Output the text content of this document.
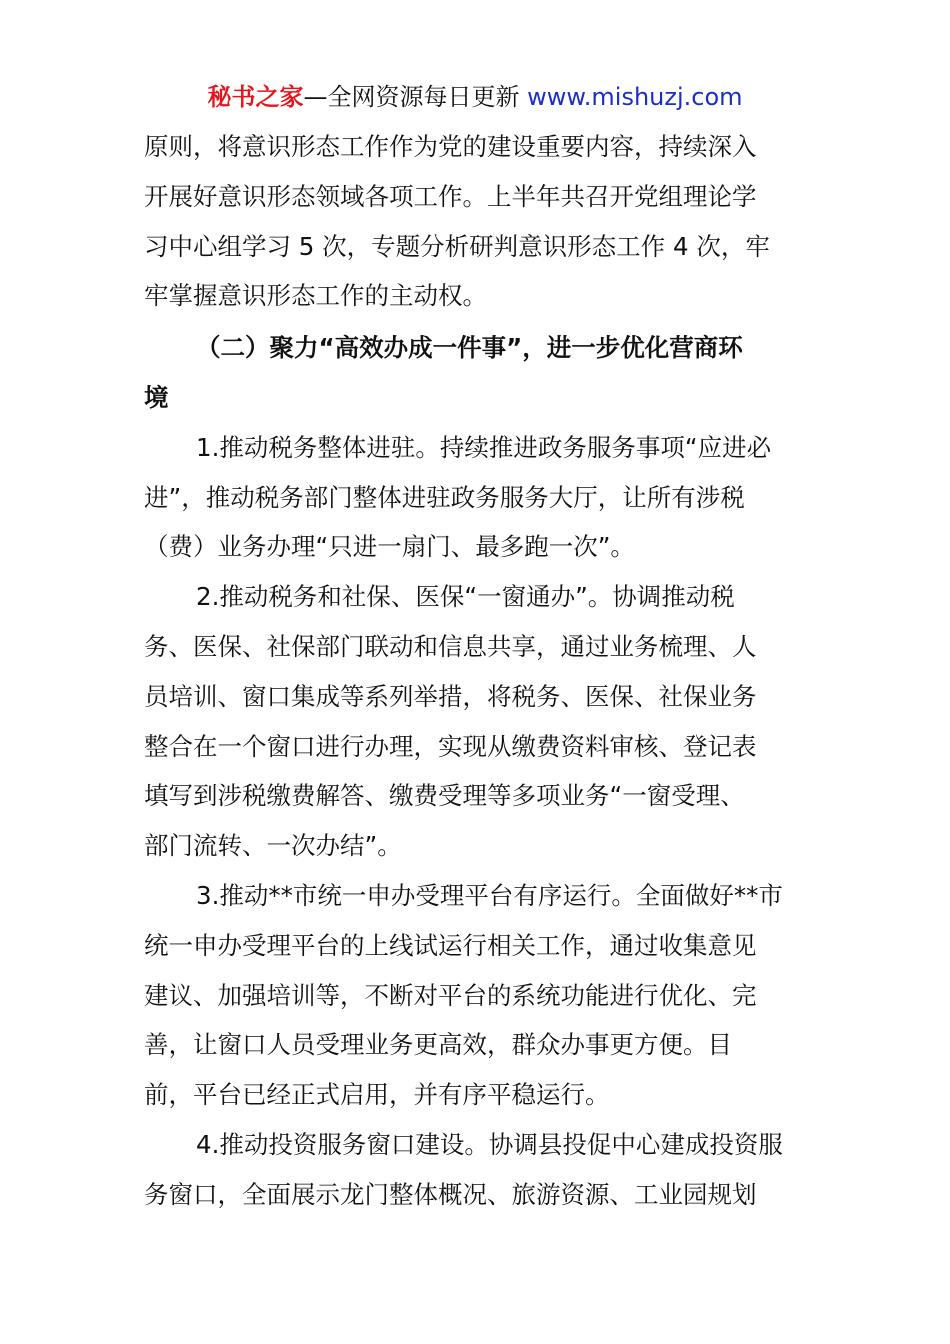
秘书之家—全网资源每日更新 www.mishuzj.com
原则，将意识形态工作作为党的建设重要内容，持续深入
开展好意识形态领域各项工作。上半年共召开党组理论学
习中心组学习 5 次，专题分析研判意识形态工作 4 次，牢
牢掌握意识形态工作的主动权。
（二）聚力“高效办成一件事”，进一步优化营商环
境
1.推动税务整体进驻。持续推进政务服务事项“应进必
进”，推动税务部门整体进驻政务服务大厅，让所有涉税
（费）业务办理“只进一扇门、最多跑一次”。
2.推动税务和社保、医保“一窗通办”。协调推动税
务、医保、社保部门联动和信息共享，通过业务梳理、人
员培训、窗口集成等系列举措，将税务、医保、社保业务
整合在一个窗口进行办理，实现从缴费资料审核、登记表
填写到涉税缴费解答、缴费受理等多项业务“一窗受理、
部门流转、一次办结”。
3.推动**市统一申办受理平台有序运行。全面做好**市
统一申办受理平台的上线试运行相关工作，通过收集意见
建议、加强培训等，不断对平台的系统功能进行优化、完
善，让窗口人员受理业务更高效，群众办事更方便。目
前，平台已经正式启用，并有序平稳运行。
4.推动投资服务窗口建设。协调县投促中心建成投资服
务窗口，全面展示龙门整体概况、旅游资源、工业园规划
